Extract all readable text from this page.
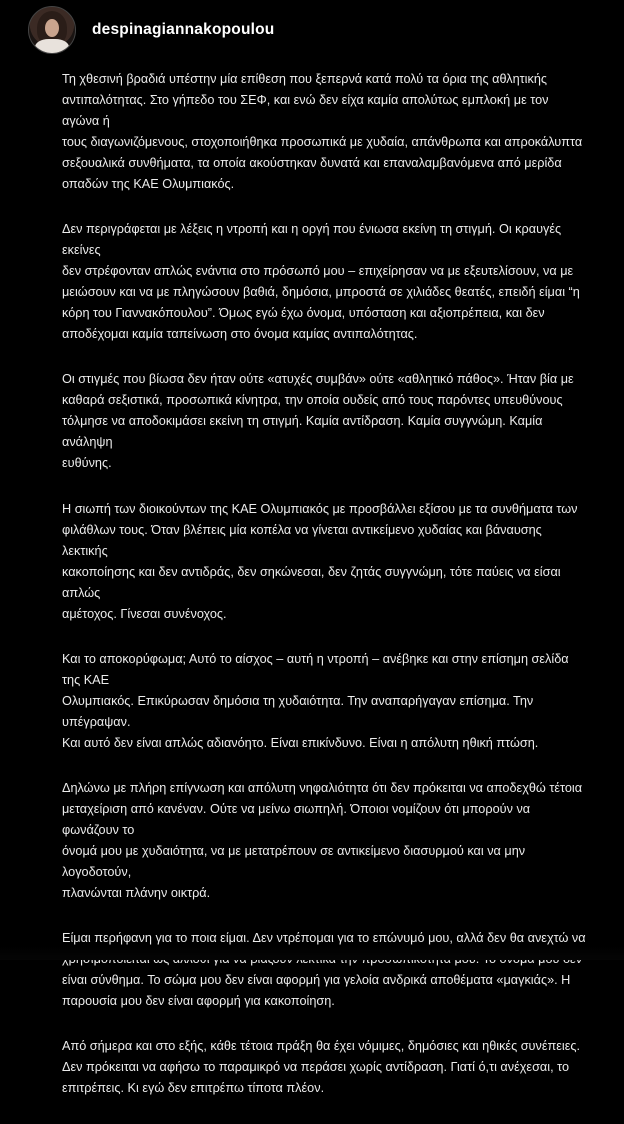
despinagiannakopoulou

Τη χθεσινή βραδιά υπέστην μία επίθεση που ξεπερνά κατά πολύ τα όρια της αθλητικής
αντιπαλότητας. Στο γήπεδο του ΣΕΦ, και ενώ δεν είχα καμία απολύτως εμπλοκή με τον αγώνα ή
τους διαγωνιζόμενους, στοχοποιήθηκα προσωπικά με χυδαία, απάνθρωπα και απροκάλυπτα
σεξουαλικά συνθήματα, τα οποία ακούστηκαν δυνατά και επαναλαμβανόμενα από μερίδα
οπαδών της ΚΑΕ Ολυμπιακός.

Δεν περιγράφεται με λέξεις η ντροπή και η οργή που ένιωσα εκείνη τη στιγμή. Οι κραυγές εκείνες
δεν στρέφονταν απλώς ενάντια στο πρόσωπό μου – επιχείρησαν να με εξευτελίσουν, να με
μειώσουν και να με πληγώσουν βαθιά, δημόσια, μπροστά σε χιλιάδες θεατές, επειδή είμαι “η
κόρη του Γιαννακόπουλου”. Όμως εγώ έχω όνομα, υπόσταση και αξιοπρέπεια, και δεν
αποδέχομαι καμία ταπείνωση στο όνομα καμίας αντιπαλότητας.

Οι στιγμές που βίωσα δεν ήταν ούτε «ατυχές συμβάν» ούτε «αθλητικό πάθος». Ήταν βία με
καθαρά σεξιστικά, προσωπικά κίνητρα, την οποία ουδείς από τους παρόντες υπευθύνους
τόλμησε να αποδοκιμάσει εκείνη τη στιγμή. Καμία αντίδραση. Καμία συγγνώμη. Καμία ανάληψη
ευθύνης.

Η σιωπή των διοικούντων της ΚΑΕ Ολυμπιακός με προσβάλλει εξίσου με τα συνθήματα των
φιλάθλων τους. Όταν βλέπεις μία κοπέλα να γίνεται αντικείμενο χυδαίας και βάναυσης λεκτικής
κακοποίησης και δεν αντιδράς, δεν σηκώνεσαι, δεν ζητάς συγγνώμη, τότε παύεις να είσαι απλώς
αμέτοχος. Γίνεσαι συνένοχος.

Και το αποκορύφωμα; Αυτό το αίσχος – αυτή η ντροπή – ανέβηκε και στην επίσημη σελίδα της ΚΑΕ
Ολυμπιακός. Επικύρωσαν δημόσια τη χυδαιότητα. Την αναπαρήγαγαν επίσημα. Την υπέγραψαν.
Και αυτό δεν είναι απλώς αδιανόητο. Είναι επικίνδυνο. Είναι η απόλυτη ηθική πτώση.

Δηλώνω με πλήρη επίγνωση και απόλυτη νηφαλιότητα ότι δεν πρόκειται να αποδεχθώ τέτοια
μεταχείριση από κανέναν. Ούτε να μείνω σιωπηλή. Όποιοι νομίζουν ότι μπορούν να φωνάζουν το
όνομά μου με χυδαιότητα, να με μετατρέπουν σε αντικείμενο διασυρμού και να μην λογοδοτούν,
πλανώνται πλάνην οικτρά.

Είμαι περήφανη για το ποια είμαι. Δεν ντρέπομαι για το επώνυμό μου, αλλά δεν θα ανεχτώ να

είναι σύνθημα. Το σώμα μου δεν είναι αφορμή για γελοία ανδρικά αποθέματα «μαγκιάς». Η
παρουσία μου δεν είναι αφορμή για κακοποίηση.

Από σήμερα και στο εξής, κάθε τέτοια πράξη θα έχει νόμιμες, δημόσιες και ηθικές συνέπειες.
Δεν πρόκειται να αφήσω το παραμικρό να περάσει χωρίς αντίδραση. Γιατί ό,τι ανέχεσαι, το
επιτρέπεις. Κι εγώ δεν επιτρέπω τίποτα πλέον.
